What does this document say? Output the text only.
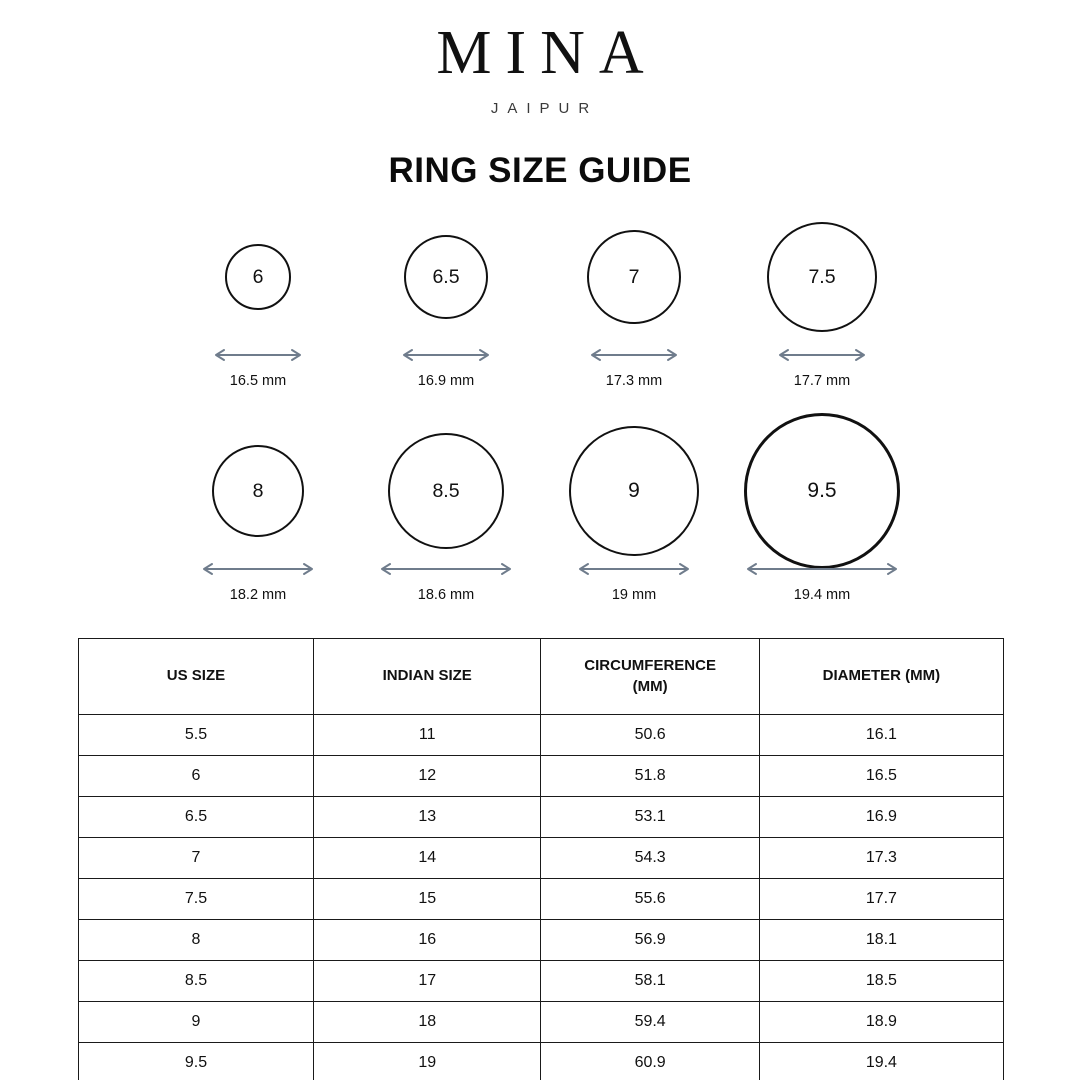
MINA
JAIPUR
RING SIZE GUIDE
6
16.5 mm
6.5
16.9 mm
7
17.3 mm
7.5
17.7 mm
8
18.2 mm
8.5
18.6 mm
9
19 mm
9.5
19.4 mm
US SIZE	INDIAN SIZE	CIRCUMFERENCE
(MM)	DIAMETER (MM)

5.5	11	50.6	16.1
6	12	51.8	16.5
6.5	13	53.1	16.9
7	14	54.3	17.3
7.5	15	55.6	17.7
8	16	56.9	18.1
8.5	17	58.1	18.5
9	18	59.4	18.9
9.5	19	60.9	19.4
